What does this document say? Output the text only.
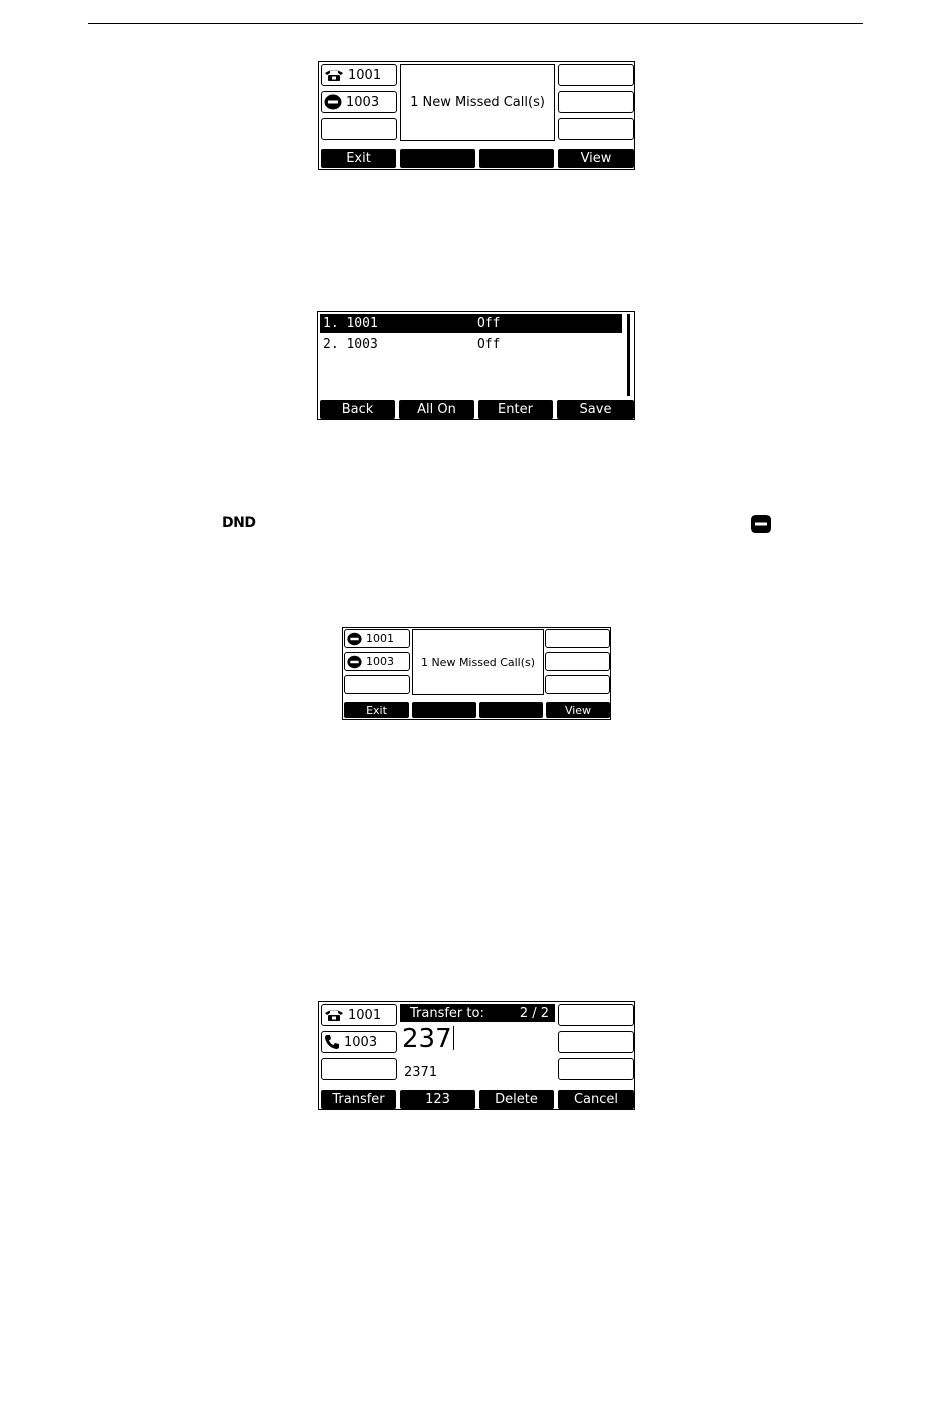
1001
1003 1 New Missed Call(s)
Exit	View
1. 1001	Off
2. 1003	Off
Back	All On	Enter	Save
DND
1001
1003 1 New Missed Call(s)
Exit	View
1001
1003
Transfer to:	2 / 2
237
2371
Transfer	123	Delete	Cancel
